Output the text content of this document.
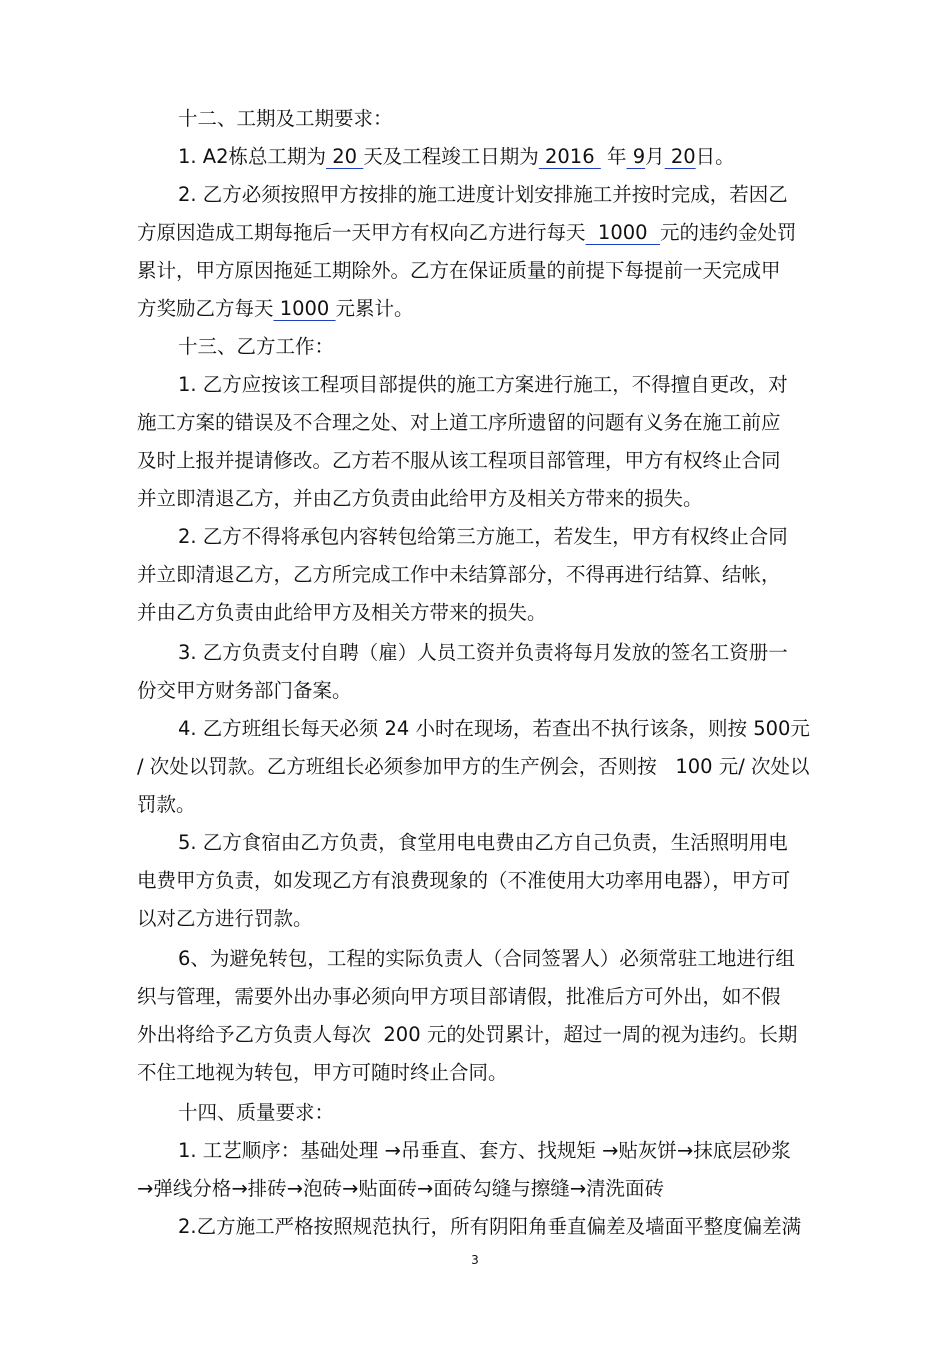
十二、工期及工期要求：
1. A2栋总工期为 20 天及工程竣工日期为 2016  年 9月 20日。
2. 乙方必须按照甲方按排的施工进度计划安排施工并按时完成，若因乙
方原因造成工期每拖后一天甲方有权向乙方进行每天  1000  元的违约金处罚
累计，甲方原因拖延工期除外。乙方在保证质量的前提下每提前一天完成甲
方奖励乙方每天 1000 元累计。
十三、乙方工作：
1. 乙方应按该工程项目部提供的施工方案进行施工，不得擅自更改，对
施工方案的错误及不合理之处、对上道工序所遗留的问题有义务在施工前应
及时上报并提请修改。乙方若不服从该工程项目部管理，甲方有权终止合同
并立即清退乙方，并由乙方负责由此给甲方及相关方带来的损失。
2. 乙方不得将承包内容转包给第三方施工，若发生，甲方有权终止合同
并立即清退乙方，乙方所完成工作中未结算部分，不得再进行结算、结帐，
并由乙方负责由此给甲方及相关方带来的损失。
3. 乙方负责支付自聘（雇）人员工资并负责将每月发放的签名工资册一
份交甲方财务部门备案。
4. 乙方班组长每天必须 24 小时在现场，若查出不执行该条，则按 500元
/ 次处以罚款。乙方班组长必须参加甲方的生产例会，否则按   100 元/ 次处以
罚款。
5. 乙方食宿由乙方负责，食堂用电电费由乙方自己负责，生活照明用电
电费甲方负责，如发现乙方有浪费现象的（不准使用大功率用电器），甲方可
以对乙方进行罚款。
6、为避免转包，工程的实际负责人（合同签署人）必须常驻工地进行组
织与管理，需要外出办事必须向甲方项目部请假，批准后方可外出，如不假
外出将给予乙方负责人每次  200 元的处罚累计，超过一周的视为违约。长期
不住工地视为转包，甲方可随时终止合同。
十四、质量要求：
1. 工艺顺序：基础处理 →吊垂直、套方、找规矩 →贴灰饼→抹底层砂浆
→弹线分格→排砖→泡砖→贴面砖→面砖勾缝与擦缝→清洗面砖
2.乙方施工严格按照规范执行，所有阴阳角垂直偏差及墙面平整度偏差满
3
